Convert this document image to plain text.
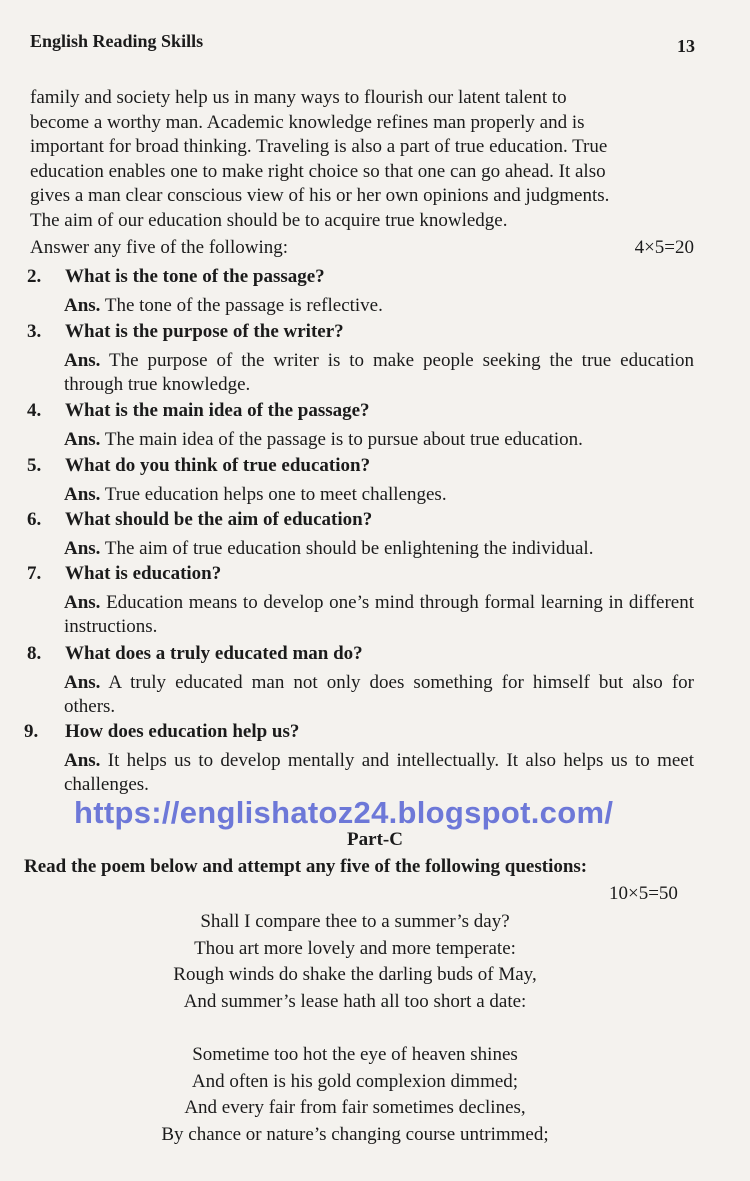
English Reading Skills	13
family and society help us in many ways to flourish our latent talent to
become a worthy man. Academic knowledge refines man properly and is
important for broad thinking. Traveling is also a part of true education. True
education enables one to make right choice so that one can go ahead. It also
gives a man clear conscious view of his or her own opinions and judgments.
The aim of our education should be to acquire true knowledge.
Answer any five of the following:	4×5=20
2. What is the tone of the passage?
Ans. The tone of the passage is reflective.
3. What is the purpose of the writer?
Ans. The purpose of the writer is to make people seeking the true education through true knowledge.
4. What is the main idea of the passage?
Ans. The main idea of the passage is to pursue about true education.
5. What do you think of true education?
Ans. True education helps one to meet challenges.
6. What should be the aim of education?
Ans. The aim of true education should be enlightening the individual.
7. What is education?
Ans. Education means to develop one’s mind through formal learning in different instructions.
8. What does a truly educated man do?
Ans. A truly educated man not only does something for himself but also for others.
9. How does education help us?
Ans. It helps us to develop mentally and intellectually. It also helps us to meet challenges.
https://englishatoz24.blogspot.com/
Part-C
Read the poem below and attempt any five of the following questions:
10×5=50
Shall I compare thee to a summer’s day?
Thou art more lovely and more temperate:
Rough winds do shake the darling buds of May,
And summer’s lease hath all too short a date:
Sometime too hot the eye of heaven shines
And often is his gold complexion dimmed;
And every fair from fair sometimes declines,
By chance or nature’s changing course untrimmed;
